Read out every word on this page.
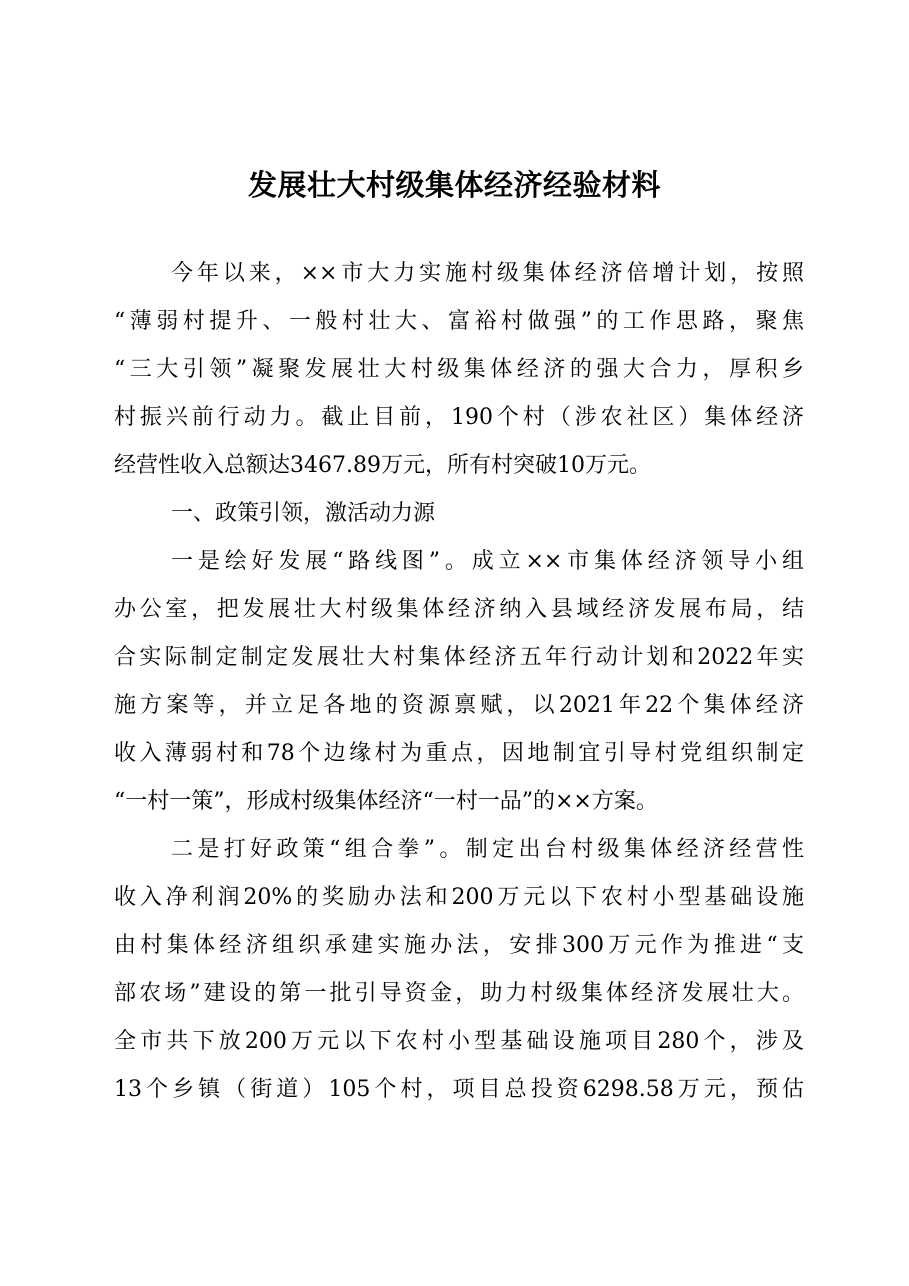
发展壮大村级集体经济经验材料
今年以来，××市大力实施村级集体经济倍增计划，按照
“薄弱村提升、一般村壮大、富裕村做强”的工作思路，聚焦
“三大引领”凝聚发展壮大村级集体经济的强大合力，厚积乡
村振兴前行动力。截止目前，190个村（涉农社区）集体经济
经营性收入总额达3467.89万元，所有村突破10万元。
一、政策引领，激活动力源
一是绘好发展“路线图”。成立××市集体经济领导小组
办公室，把发展壮大村级集体经济纳入县域经济发展布局，结
合实际制定制定发展壮大村集体经济五年行动计划和2022年实
施方案等，并立足各地的资源禀赋，以2021年22个集体经济
收入薄弱村和78个边缘村为重点，因地制宜引导村党组织制定
“一村一策”，形成村级集体经济“一村一品”的××方案。
二是打好政策“组合拳”。制定出台村级集体经济经营性
收入净利润20%的奖励办法和200万元以下农村小型基础设施
由村集体经济组织承建实施办法，安排300万元作为推进“支
部农场”建设的第一批引导资金，助力村级集体经济发展壮大。
全市共下放200万元以下农村小型基础设施项目280个，涉及
13个乡镇（街道）105个村，项目总投资6298.58万元，预估
